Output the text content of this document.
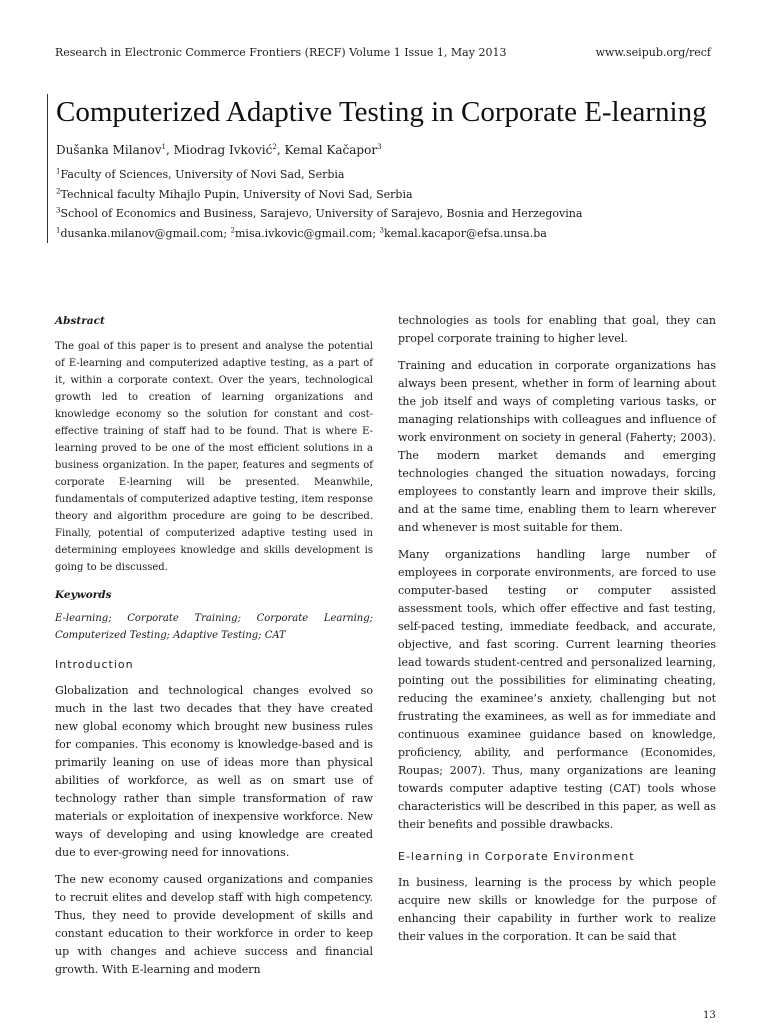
Research in Electronic Commerce Frontiers (RECF) Volume 1 Issue 1, May 2013	www.seipub.org/recf
Computerized Adaptive Testing in Corporate E-learning

Dušanka Milanov$^1$, Miodrag Ivković$^2$, Kemal Kačapor$^3$

$^1$Faculty of Sciences, University of Novi Sad, Serbia

$^2$Technical faculty Mihajlo Pupin, University of Novi Sad, Serbia

$^3$School of Economics and Business, Sarajevo, University of Sarajevo, Bosnia and Herzegovina

$^1$dusanka.milanov@gmail.com; $^2$misa.ivkovic@gmail.com; $^3$kemal.kacapor@efsa.unsa.ba

Abstract

The goal of this paper is to present and analyse the potential of E-learning and computerized adaptive testing, as a part of it, within a corporate context. Over the years, technological growth led to creation of learning organizations and knowledge economy so the solution for constant and cost-effective training of staff had to be found. That is where E-learning proved to be one of the most efficient solutions in a business organization. In the paper, features and segments of corporate E-learning will be presented. Meanwhile, fundamentals of computerized adaptive testing, item response theory and algorithm procedure are going to be described. Finally, potential of computerized adaptive testing used in determining employees knowledge and skills development is going to be discussed.

Keywords

E-learning; Corporate Training; Corporate Learning; Computerized Testing; Adaptive Testing; CAT

Introduction

Globalization and technological changes evolved so much in the last two decades that they have created new global economy which brought new business rules for companies. This economy is knowledge-based and is primarily leaning on use of ideas more than physical abilities of workforce, as well as on smart use of technology rather than simple transformation of raw materials or exploitation of inexpensive workforce. New ways of developing and using knowledge are created due to ever-growing need for innovations.

The new economy caused organizations and companies to recruit elites and develop staff with high competency. Thus, they need to provide development of skills and constant education to their workforce in order to keep up with changes and achieve success and financial growth. With E-learning and modern

technologies as tools for enabling that goal, they can propel corporate training to higher level.

Training and education in corporate organizations has always been present, whether in form of learning about the job itself and ways of completing various tasks, or managing relationships with colleagues and influence of work environment on society in general (Faherty; 2003). The modern market demands and emerging technologies changed the situation nowadays, forcing employees to constantly learn and improve their skills, and at the same time, enabling them to learn wherever and whenever is most suitable for them.

Many organizations handling large number of employees in corporate environments, are forced to use computer-based testing or computer assisted assessment tools, which offer effective and fast testing, self-paced testing, immediate feedback, and accurate, objective, and fast scoring. Current learning theories lead towards student-centred and personalized learning, pointing out the possibilities for eliminating cheating, reducing the examinee’s anxiety, challenging but not frustrating the examinees, as well as for immediate and continuous examinee guidance based on knowledge, proficiency, ability, and performance (Economides, Roupas; 2007). Thus, many organizations are leaning towards computer adaptive testing (CAT) tools whose characteristics will be described in this paper, as well as their benefits and possible drawbacks.

E-learning in Corporate Environment

In business, learning is the process by which people acquire new skills or knowledge for the purpose of enhancing their capability in further work to realize their values in the corporation. It can be said that

13
